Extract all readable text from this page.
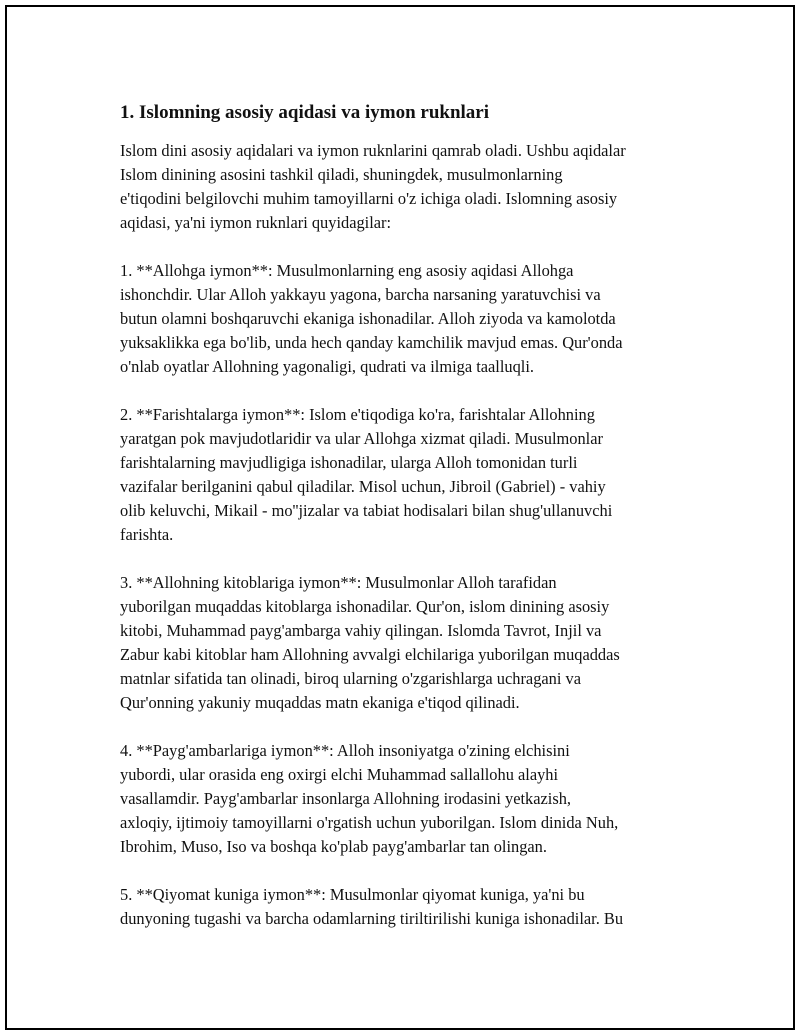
1. Islomning asosiy aqidasi va iymon ruknlari

Islom dini asosiy aqidalari va iymon ruknlarini qamrab oladi. Ushbu aqidalar
Islom dinining asosini tashkil qiladi, shuningdek, musulmonlarning
e'tiqodini belgilovchi muhim tamoyillarni o'z ichiga oladi. Islomning asosiy
aqidasi, ya'ni iymon ruknlari quyidagilar:

1. **Allohga iymon**: Musulmonlarning eng asosiy aqidasi Allohga
ishonchdir. Ular Alloh yakkayu yagona, barcha narsaning yaratuvchisi va
butun olamni boshqaruvchi ekaniga ishonadilar. Alloh ziyoda va kamolotda
yuksaklikka ega bo'lib, unda hech qanday kamchilik mavjud emas. Qur'onda
o'nlab oyatlar Allohning yagonaligi, qudrati va ilmiga taalluqli.

2. **Farishtalarga iymon**: Islom e'tiqodiga ko'ra, farishtalar Allohning
yaratgan pok mavjudotlaridir va ular Allohga xizmat qiladi. Musulmonlar
farishtalarning mavjudligiga ishonadilar, ularga Alloh tomonidan turli
vazifalar berilganini qabul qiladilar. Misol uchun, Jibroil (Gabriel) - vahiy
olib keluvchi, Mikail - mo''jizalar va tabiat hodisalari bilan shug'ullanuvchi
farishta.

3. **Allohning kitoblariga iymon**: Musulmonlar Alloh tarafidan
yuborilgan muqaddas kitoblarga ishonadilar. Qur'on, islom dinining asosiy
kitobi, Muhammad payg'ambarga vahiy qilingan. Islomda Tavrot, Injil va
Zabur kabi kitoblar ham Allohning avvalgi elchilariga yuborilgan muqaddas
matnlar sifatida tan olinadi, biroq ularning o'zgarishlarga uchragani va
Qur'onning yakuniy muqaddas matn ekaniga e'tiqod qilinadi.

4. **Payg'ambarlariga iymon**: Alloh insoniyatga o'zining elchisini
yubordi, ular orasida eng oxirgi elchi Muhammad sallallohu alayhi
vasallamdir. Payg'ambarlar insonlarga Allohning irodasini yetkazish,
axloqiy, ijtimoiy tamoyillarni o'rgatish uchun yuborilgan. Islom dinida Nuh,
Ibrohim, Muso, Iso va boshqa ko'plab payg'ambarlar tan olingan.

5. **Qiyomat kuniga iymon**: Musulmonlar qiyomat kuniga, ya'ni bu
dunyoning tugashi va barcha odamlarning tiriltirilishi kuniga ishonadilar. Bu
